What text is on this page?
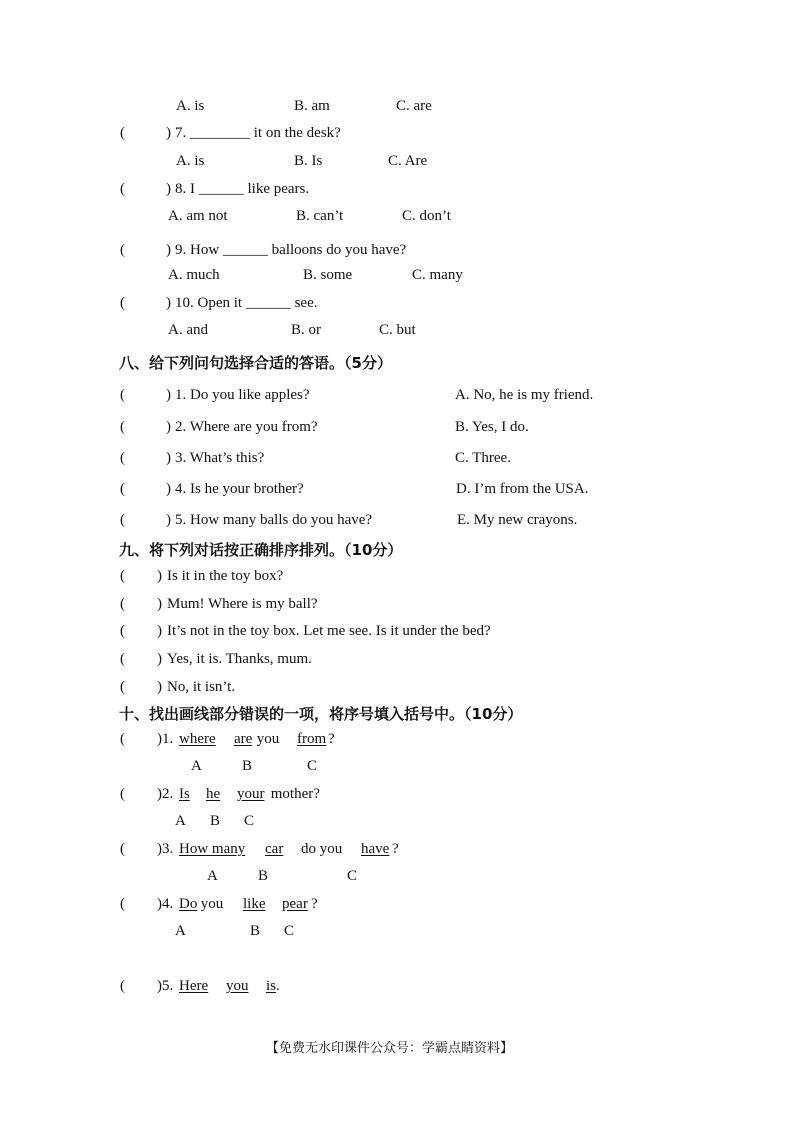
A. is	B. am	C. are
(	) 7. ________ it on the desk?
A. is	B. Is	C. Are
(	) 8. I ______ like pears.
A. am not	B. can’t	C. don’t
(	) 9. How ______ balloons do you have?
A. much	B. some	C. many
(	) 10. Open it ______ see.
A. and	B. or	C. but
八、给下列问句选择合适的答语。（5分）
(	) 1. Do you like apples?	A. No, he is my friend.
(	) 2. Where are you from?	B. Yes, I do.
(	) 3. What’s this?	C. Three.
(	) 4. Is he your brother?	D. I’m from the USA.
(	) 5. How many balls do you have?	E. My new crayons.
九、将下列对话按正确排序排列。（10分）
( ) Is it in the toy box?
( ) Mum! Where is my ball?
( ) It’s not in the toy box. Let me see. Is it under the bed?
( ) Yes, it is. Thanks, mum.
( ) No, it isn’t.
十、找出画线部分错误的一项，将序号填入括号中。（10分）
( )1. where are you from ?
A	B	C
( )2. Is he your mother?
A B C
( )3. How many car do you have ?
A	B	C
( )4. Do you like pear ?
A	B C
( )5. Here you is .
【免费无水印课件公众号：学霸点睛资料】
